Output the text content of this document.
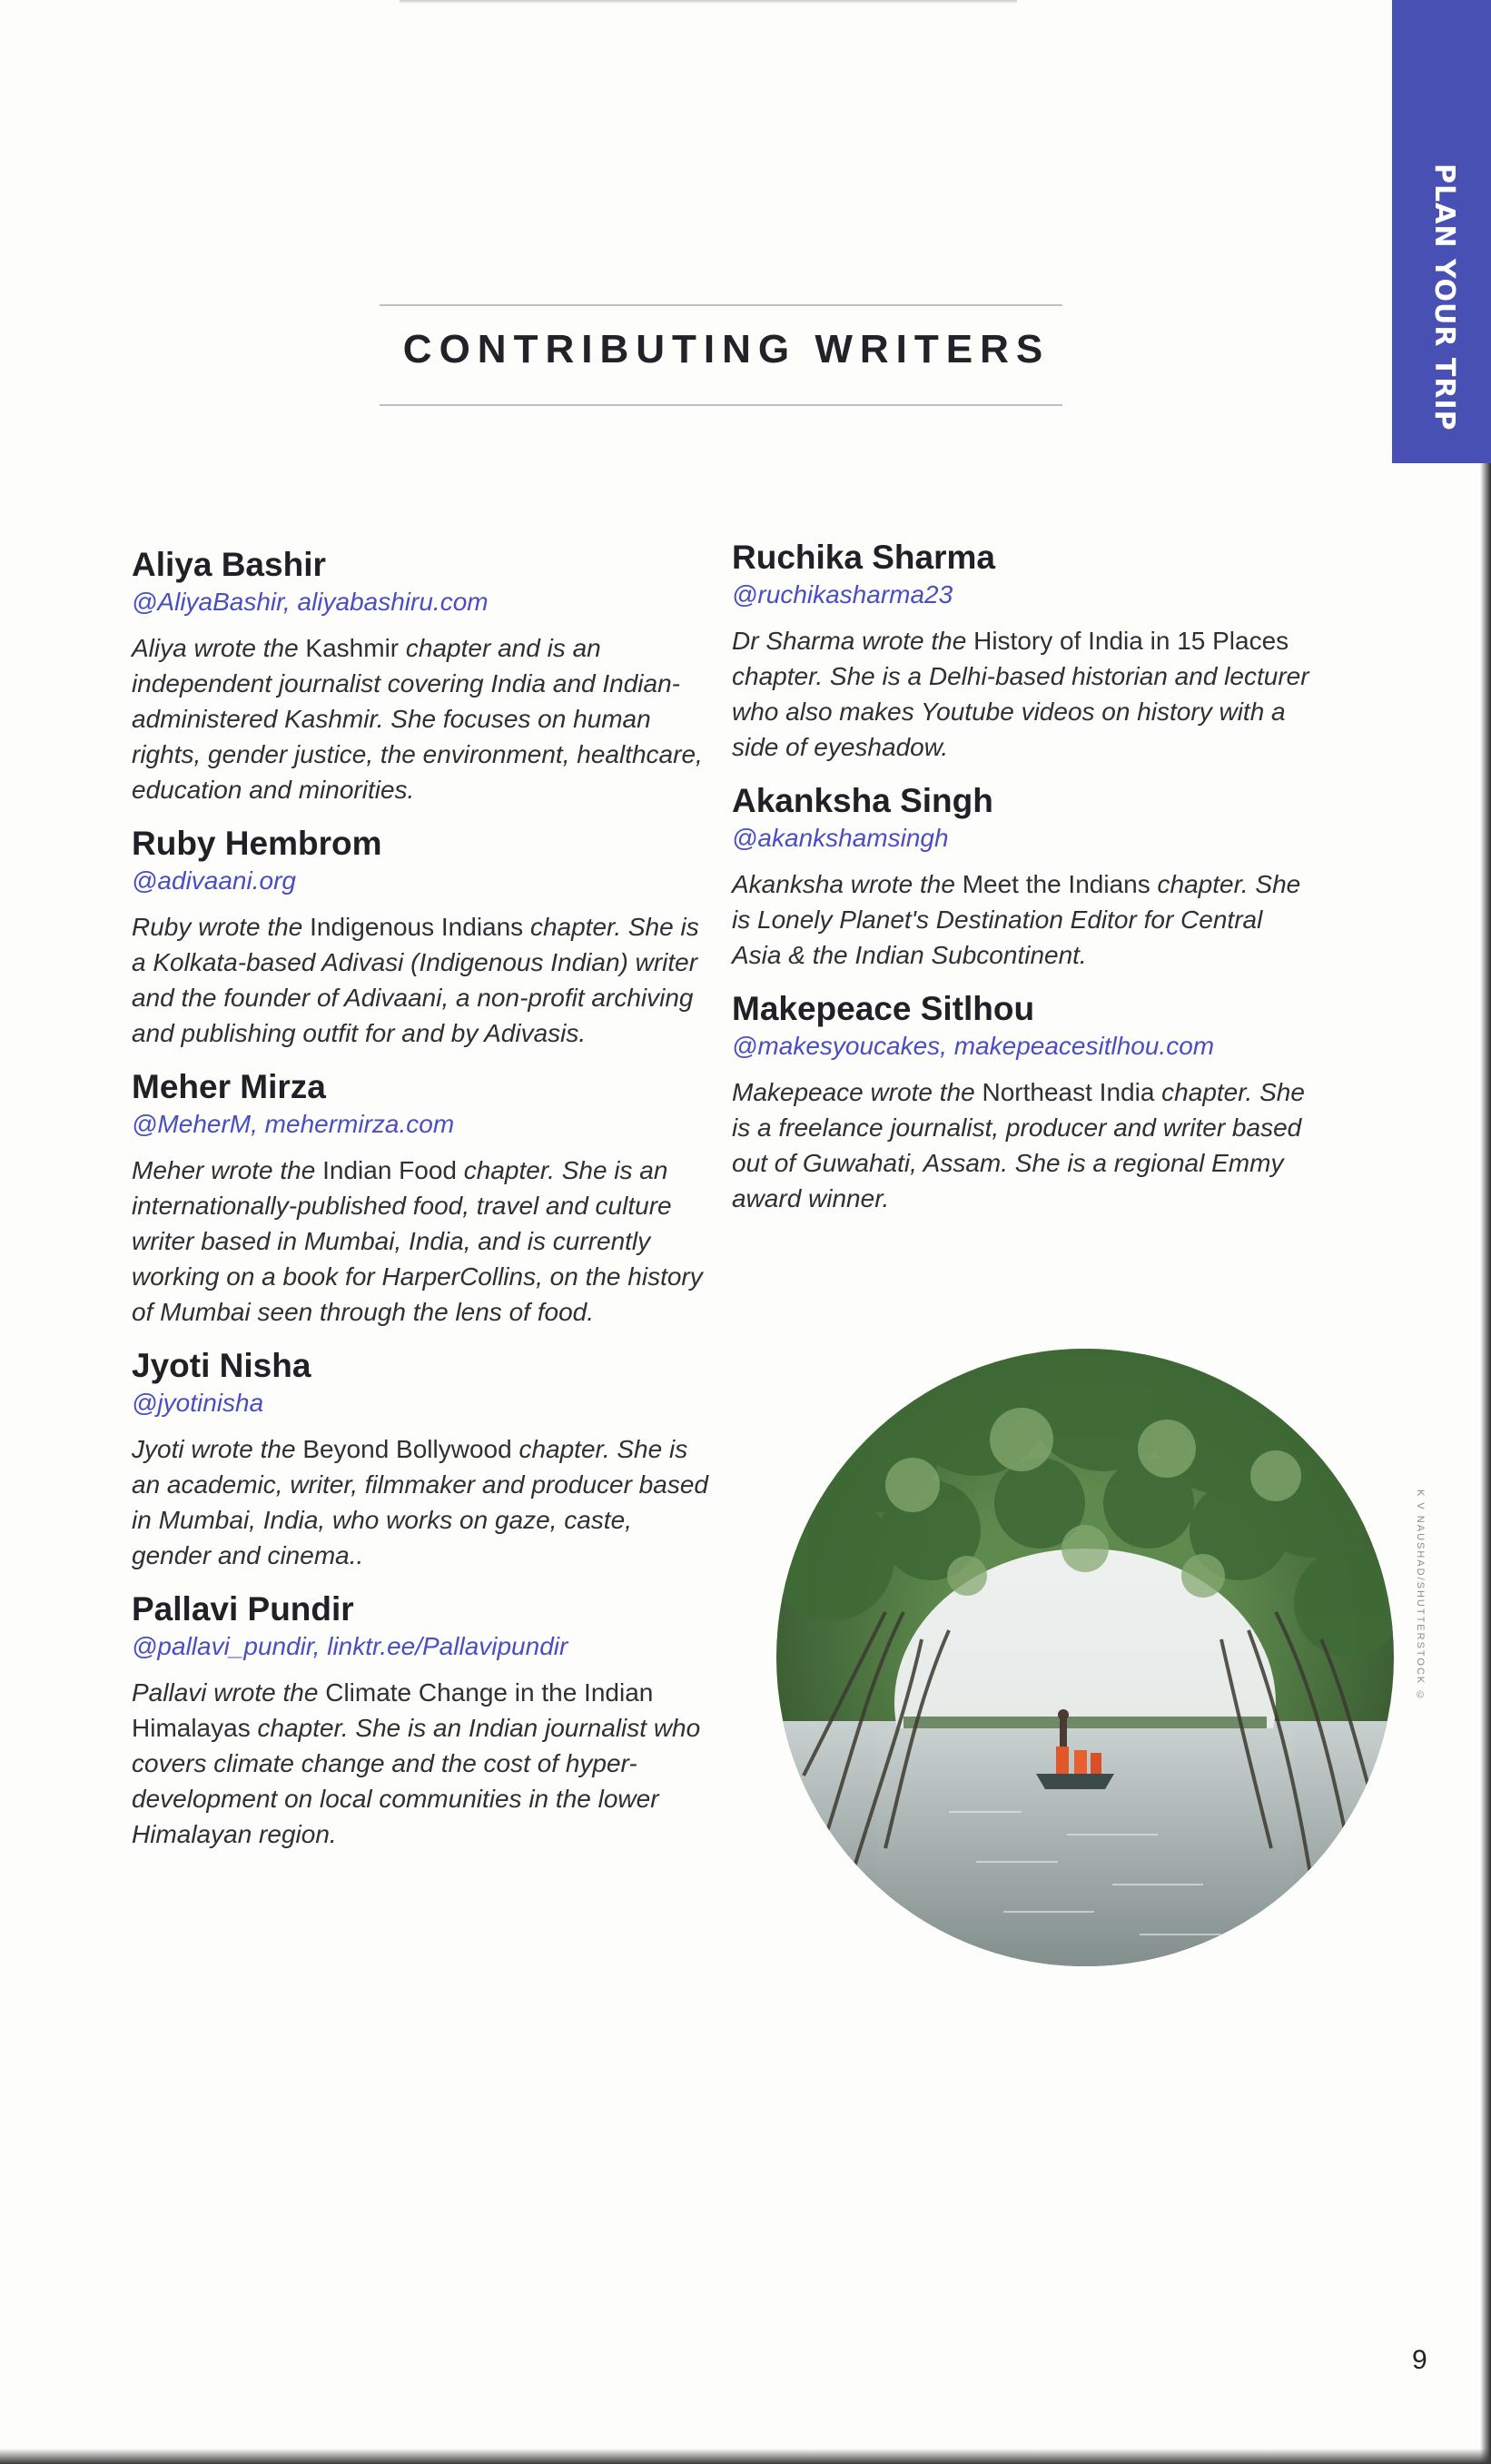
PLAN YOUR TRIP
CONTRIBUTING WRITERS
Aliya Bashir
@AliyaBashir, aliyabashiru.com
Aliya wrote the Kashmir chapter and is an independent journalist covering India and Indian-administered Kashmir. She focuses on human rights, gender justice, the environment, healthcare, education and minorities.
Ruby Hembrom
@adivaani.org
Ruby wrote the Indigenous Indians chapter. She is a Kolkata-based Adivasi (Indigenous Indian) writer and the founder of Adivaani, a non-profit archiving and publishing outfit for and by Adivasis.
Meher Mirza
@MeherM, mehermirza.com
Meher wrote the Indian Food chapter. She is an internationally-published food, travel and culture writer based in Mumbai, India, and is currently working on a book for HarperCollins, on the history of Mumbai seen through the lens of food.
Jyoti Nisha
@jyotinisha
Jyoti wrote the Beyond Bollywood chapter. She is an academic, writer, filmmaker and producer based in Mumbai, India, who works on gaze, caste, gender and cinema..
Pallavi Pundir
@pallavi_pundir, linktr.ee/Pallavipundir
Pallavi wrote the Climate Change in the Indian Himalayas chapter. She is an Indian journalist who covers climate change and the cost of hyper-development on local communities in the lower Himalayan region.
Ruchika Sharma
@ruchikasharma23
Dr Sharma wrote the History of India in 15 Places chapter. She is a Delhi-based historian and lecturer who also makes Youtube videos on history with a side of eyeshadow.
Akanksha Singh
@akankshamsingh
Akanksha wrote the Meet the Indians chapter. She is Lonely Planet's Destination Editor for Central Asia & the Indian Subcontinent.
Makepeace Sitlhou
@makesyoucakes, makepeacesitlhou.com
Makepeace wrote the Northeast India chapter. She is a freelance journalist, producer and writer based out of Guwahati, Assam. She is a regional Emmy award winner.
K V NAUSHAD/SHUTTERSTOCK ©
9
